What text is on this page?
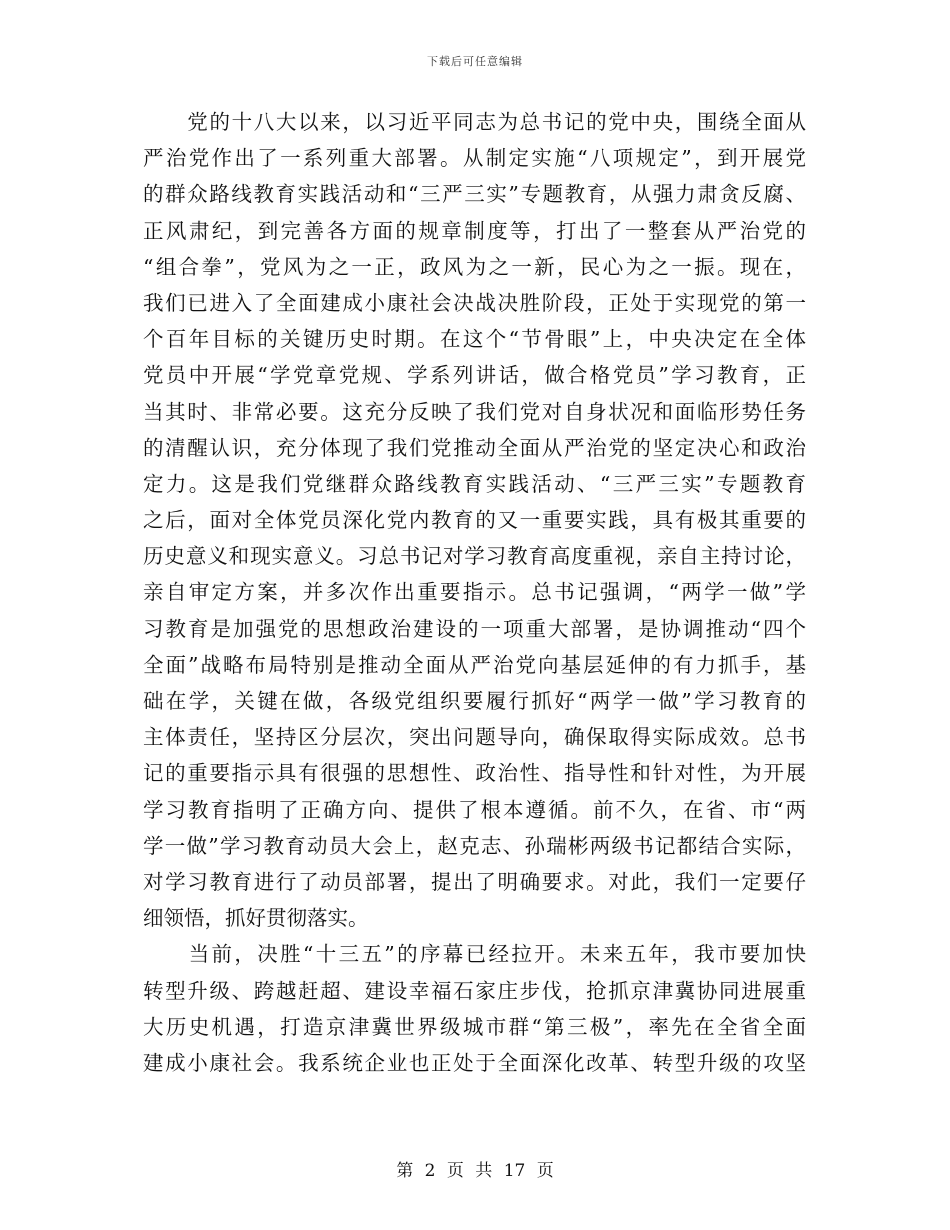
下载后可任意编辑
　　党的十八大以来，以习近平同志为总书记的党中央，围绕全面从
严治党作出了一系列重大部署。从制定实施“八项规定”，到开展党
的群众路线教育实践活动和“三严三实”专题教育，从强力肃贪反腐、
正风肃纪，到完善各方面的规章制度等，打出了一整套从严治党的
“组合拳”，党风为之一正，政风为之一新，民心为之一振。现在，
我们已进入了全面建成小康社会决战决胜阶段，正处于实现党的第一
个百年目标的关键历史时期。在这个“节骨眼”上，中央决定在全体
党员中开展“学党章党规、学系列讲话，做合格党员”学习教育，正
当其时、非常必要。这充分反映了我们党对自身状况和面临形势任务
的清醒认识，充分体现了我们党推动全面从严治党的坚定决心和政治
定力。这是我们党继群众路线教育实践活动、“三严三实”专题教育
之后，面对全体党员深化党内教育的又一重要实践，具有极其重要的
历史意义和现实意义。习总书记对学习教育高度重视，亲自主持讨论，
亲自审定方案，并多次作出重要指示。总书记强调，“两学一做”学
习教育是加强党的思想政治建设的一项重大部署，是协调推动“四个
全面”战略布局特别是推动全面从严治党向基层延伸的有力抓手，基
础在学，关键在做，各级党组织要履行抓好“两学一做”学习教育的
主体责任，坚持区分层次，突出问题导向，确保取得实际成效。总书
记的重要指示具有很强的思想性、政治性、指导性和针对性，为开展
学习教育指明了正确方向、提供了根本遵循。前不久，在省、市“两
学一做”学习教育动员大会上，赵克志、孙瑞彬两级书记都结合实际，
对学习教育进行了动员部署，提出了明确要求。对此，我们一定要仔
细领悟，抓好贯彻落实。
　　当前，决胜“十三五”的序幕已经拉开。未来五年，我市要加快
转型升级、跨越赶超、建设幸福石家庄步伐，抢抓京津冀协同进展重
大历史机遇，打造京津冀世界级城市群“第三极”，率先在全省全面
建成小康社会。我系统企业也正处于全面深化改革、转型升级的攻坚
第 2 页 共 17 页
